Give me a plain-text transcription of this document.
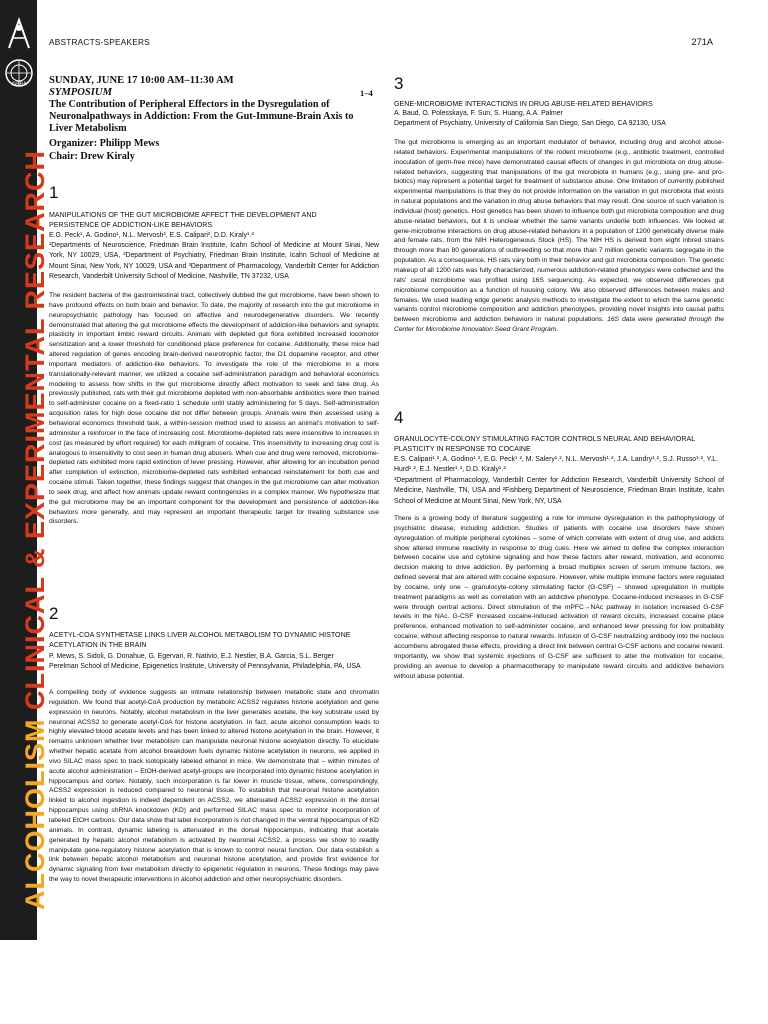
ISBRA
ALCOHOLISM CLINICAL & EXPERIMENTAL RESEARCH
ABSTRACTS-SPEAKERS	271A
SUNDAY, JUNE 17 10:00 AM–11:30 AM
SYMPOSIUM	1–4
The Contribution of Peripheral Effectors in the Dysregulation of Neuronalpathways in Addiction: From the Gut-Immune-Brain Axis to Liver Metabolism
Organizer: Philipp Mews
Chair: Drew Kiraly
1
MANIPULATIONS OF THE GUT MICROBIOME AFFECT THE DEVELOPMENT AND PERSISTENCE OF ADDICTION-LIKE BEHAVIORS
E.G. Peck¹, A. Godino¹, N.L. Mervosh², E.S. Calipari³, D.D. Kiraly¹˒²
¹Departments of Neuroscience, Friedman Brain Institute, Icahn School of Medicine at Mount Sinai, New York, NY 10029, USA, ²Department of Psychiatry, Friedman Brain Institute, Icahn School of Medicine at Mount Sinai, New York, NY 10029, USA and ³Department of Pharmacology, Vanderbilt Center for Addiction Research, Vanderbilt University School of Medicine, Nashville, TN 37232, USA
The resident bacteria of the gastrointestinal tract, collectively dubbed the gut microbiome, have been shown to have profound effects on both brain and behavior. To date, the majority of research into the gut microbiome in neuropsychiatric pathology has focused on affective and neurodegenerative disorders. We recently demonstrated that altering the gut microbiome effects the development of addiction-like behaviors and synaptic plasticity in important limbic reward circuits. Animals with depleted gut flora exhibited increased locomotor sensitization and a lower threshold for conditioned place preference for cocaine. Additionally, these mice had altered regulation of genes encoding brain-derived neurotrophic factor, the D1 dopamine receptor, and other important mediators of addiction-like behaviors. To investigate the role of the microbiome in a more translationally-relevant manner, we utilized a cocaine self-administration paradigm and behavioral economics modeling to assess how shifts in the gut microbiome directly affect motivation to seek and take drug. As previously published, rats with their gut microbiome depleted with non-absorbable antibiotics were then trained to self-administer cocaine on a fixed-ratio 1 schedule until stably administering for 5 days. Self-administration acquisition rates for high dose cocaine did not differ between groups. Animals were then assessed using a behavioral economics threshold task, a within-session method used to assess an animal’s motivation to self-administer a reinforcer in the face of increasing cost. Microbiome-depleted rats were insensitive to increases in cost (as measured by effort required) for each milligram of cocaine. This insensitivity to increasing drug cost is analogous to insensitivity to cost seen in human drug abusers. When cue and drug were removed, microbiome-depleted rats exhibited more rapid extinction of lever pressing. However, after allowing for an incubation period after completion of extinction, microbiome-depleted rats exhibited enhanced reinstatement for both cue and cocaine stimuli. Taken together, these findings suggest that changes in the gut microbiome can alter motivation to seek drug, and affect how animals update reward contingencies in a complex manner. We hypothesize that the gut microbiome may be an important component for the development and persistence of addiction-like behaviors more generally, and may represent an important therapeutic target for treating substance use disorders.
2
ACETYL-COA SYNTHETASE LINKS LIVER ALCOHOL METABOLISM TO DYNAMIC HISTONE ACETYLATION IN THE BRAIN
P. Mews, S. Sidoli, G. Donahue, G. Egervari, R. Nativio, E.J. Nestler, B.A. Garcia, S.L. Berger
Perelman School of Medicine, Epigenetics Institute, University of Pennsylvania, Philadelphia, PA, USA
A compelling body of evidence suggests an intimate relationship between metabolic state and chromatin regulation. We found that acetyl-CoA production by metabolic ACSS2 regulates histone acetylation and gene expression in neurons. Notably, alcohol metabolism in the liver generates acetate, the key substrate used by neuronal ACSS2 to generate acetyl-CoA for histone acetylation. In fact, acute alcohol consumption leads to highly elevated blood acetate levels and has been linked to altered histone acetylation in the brain. However, it remains unknown whether liver metabolism can manipulate neuronal histone acetylation directly. To elucidate whether hepatic acetate from alcohol breakdown fuels dynamic histone acetylation in neurons, we applied in vivo SILAC mass spec to track isotopically labeled ethanol in mice. We demonstrate that – within minutes of acute alcohol administration – EtOH-derived acetyl-groups are incorporated into dynamic histone acetylation in hippocampus and cortex. Notably, such incorporation is far lower in muscle tissue, where, correspondingly, ACSS2 expression is reduced compared to neuronal tissue. To establish that neuronal histone acetylation linked to alcohol ingestion is indeed dependent on ACSS2, we attenuated ACSS2 expression in the dorsal hippocampus using shRNA knockdown (KD) and performed SILAC mass spec to monitor incorporation of labeled EtOH carbons. Our data show that label incorporation is not changed in the ventral hippocampus of KD animals. In contrast, dynamic labeling is attenuated in the dorsal hippocampus, indicating that acetate generated by hepatic alcohol metabolism is activated by neuronal ACSS2, a process we show to readily manipulate gene-regulatory histone acetylation that is known to control neural function. Our data establish a link between hepatic alcohol metabolism and neuronal histone acetylation, and provide first evidence for dynamic signaling from liver metabolism directly to epigenetic regulation in neurons. These findings may pave the way to novel therapeutic interventions in alcohol addiction and other neuropsychiatric disorders.
3
GENE-MICROBIOME INTERACTIONS IN DRUG ABUSE-RELATED BEHAVIORS
A. Baud, O. Polesskaya, F. Sun, S. Huang, A.A. Palmer
Department of Psychiatry, University of California San Diego, San Diego, CA 92130, USA
The gut microbiome is emerging as an important modulator of behavior, including drug and alcohol abuse-related behaviors. Experimental manipulations of the rodent microbiome (e.g., antibiotic treatment, controlled inoculation of germ-free mice) have demonstrated causal effects of changes in gut microbiota on drug abuse-related behaviors, suggesting that manipulations of the gut microbiota in humans (e.g., using pre- and pro-biotics) may represent a potential target for treatment of substance abuse. One limitation of currently published experimental manipulations is that they do not provide information on the variation in gut microbiota that exists in natural populations and the variation in drug abuse behaviors that may result. One source of such variation is individual (host) genetics. Host genetics has been shown to influence both gut microbiota composition and drug abuse-related behaviors, but it is unclear whether the same variants underlie both influences. We looked at gene-microbiome interactions on drug abuse-related behaviors in a population of 1200 genetically diverse male and female rats, from the NIH Heterogeneous Stock (HS). The NIH HS is derived from eight inbred strains through more than 80 generations of outbreeding so that more than 7 million genetic variants segregate in the population. As a consequence, HS rats vary both in their behavior and gut microbiota composition. The genetic makeup of all 1200 rats was fully characterized, numerous addiction-related phenotypes were collected and the rats’ cecal microbiome was profiled using 16S sequencing. As expected, we observed differences gut microbiome composition as a function of housing colony. We also observed differences between males and females. We used leading edge genetic analysis methods to investigate the extent to which the same genetic variants control microbiome composition and addiction phenotypes, providing novel insights into causal paths between microbiome and addiction behaviors in natural populations. 16S data were generated through the Center for Microbiome Innovation Seed Grant Program.
4
GRANULOCYTE-COLONY STIMULATING FACTOR CONTROLS NEURAL AND BEHAVIORAL PLASTICITY IN RESPONSE TO COCAINE
E.S. Calipari¹˒², A. Godino¹˒², E.G. Peck¹˒², M. Salery¹˒², N.L. Mervosh¹˒², J.A. Landry¹˒², S.J. Russo¹˒², Y.L. Hurd¹˒², E.J. Nestler¹˒², D.D. Kiraly¹˒²
¹Department of Pharmacology, Vanderbilt Center for Addiction Research, Vanderbilt University School of Medicine, Nashville, TN, USA and ²Fishberg Department of Neuroscience, Friedman Brain Institute, Icahn School of Medicine at Mount Sinai, New York, NY, USA
There is a growing body of literature suggesting a role for immune dysregulation in the pathophysiology of psychiatric disease, including addiction. Studies of patients with cocaine use disorders have shown dysregulation of multiple peripheral cytokines – some of which correlate with extent of drug use, and addicts show altered immune reactivity in response to drug cues. Here we aimed to define the complex interaction between cocaine use and cytokine signaling and how these factors alter reward, motivation, and economic decision making to drive addiction. By performing a broad multiplex screen of serum immune factors, we defined several that are altered with cocaine exposure. However, while multiple immune factors were regulated by cocaine, only one – granulocyte-colony stimulating factor (G-CSF) – showed upregulation in multiple treatment paradigms as well as correlation with an addictive phenotype. Cocaine-induced increases in G-CSF were through central actions. Direct stimulation of the mPFC→NAc pathway in isolation increased G-CSF levels in the NAc. G-CSF increased cocaine-induced activation of reward circuits, increased cocaine place preference, enhanced motivation to self-administer cocaine, and enhanced lever pressing for low probability cocaine, without affecting response to natural rewards. Infusion of G-CSF neutralizing antibody into the nucleus accumbens abrogated these effects, providing a direct link between central G-CSF actions and cocaine reward. Importantly, we show that systemic injections of G-CSF are sufficient to alter the motivation for cocaine, providing an avenue to develop a pharmacotherapy to manipulate reward circuits and addictive behaviors without abuse potential.
